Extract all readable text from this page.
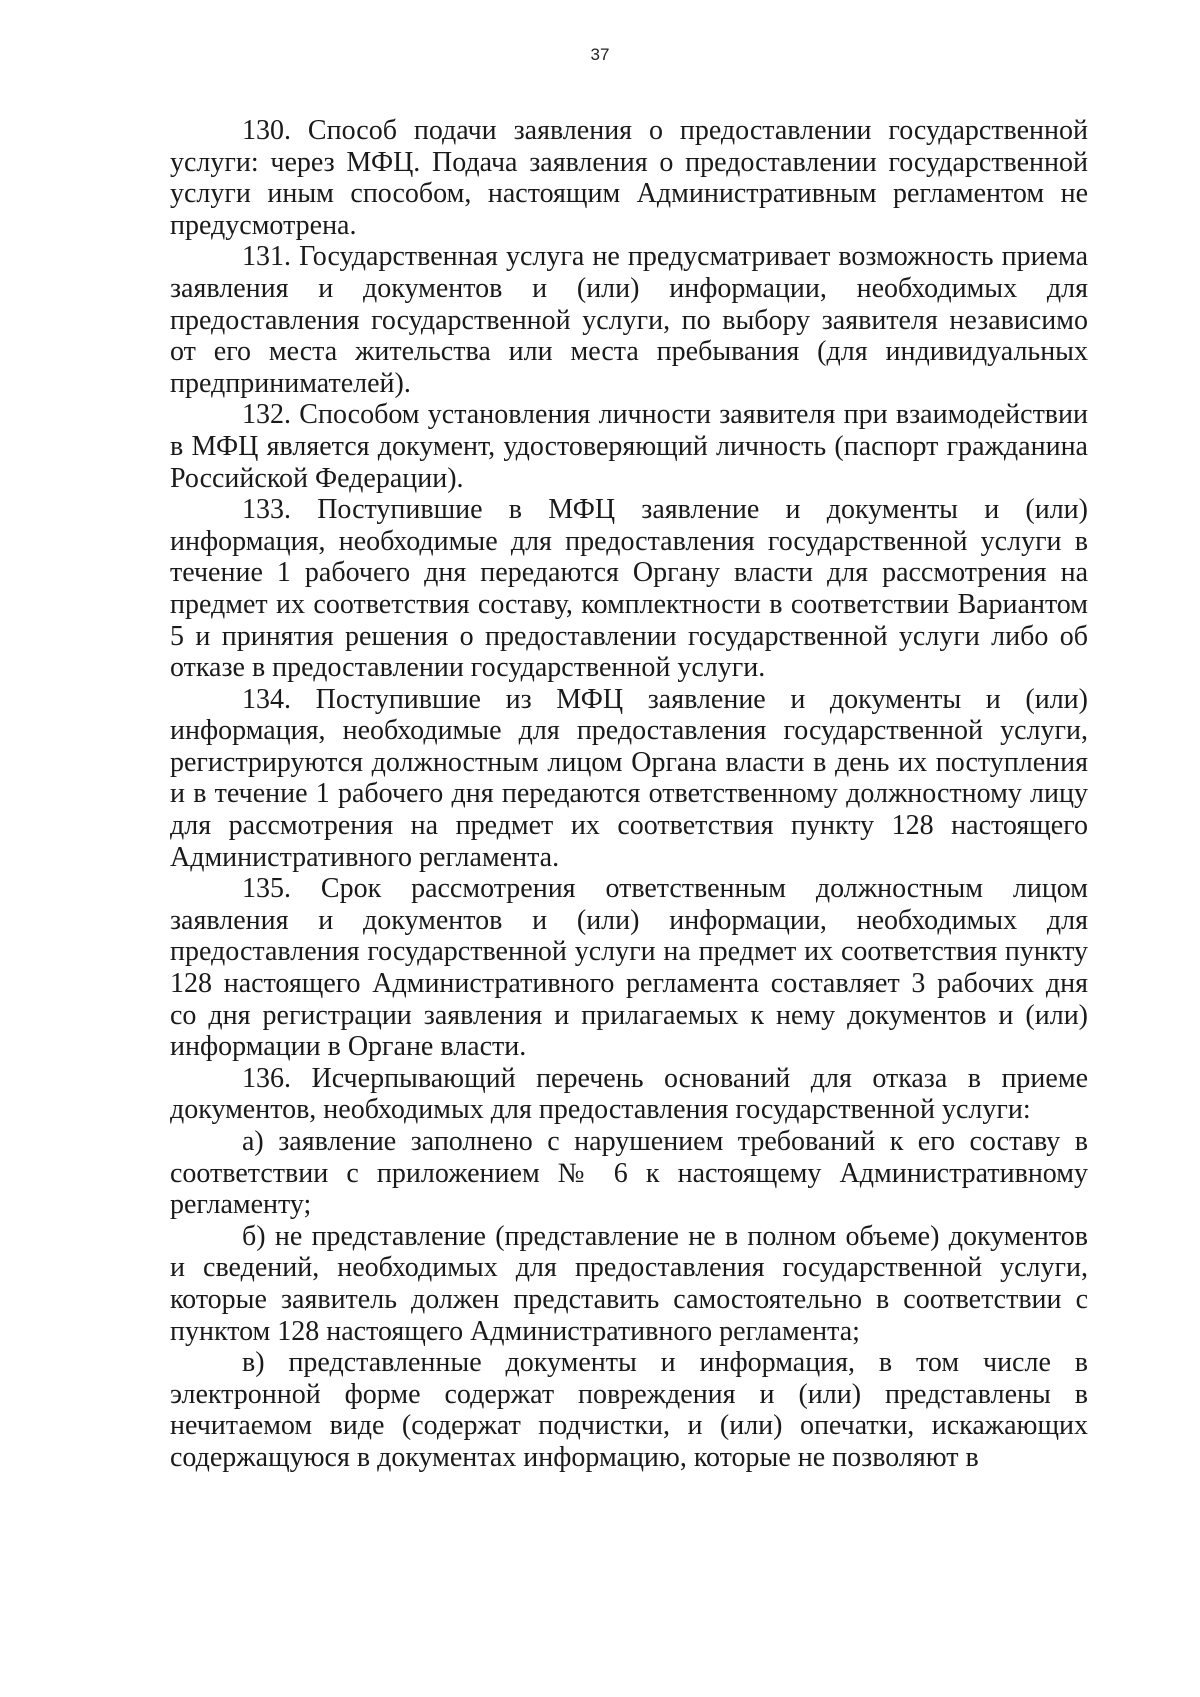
37

130. Способ подачи заявления о предоставлении государственной услуги: через МФЦ. Подача заявления о предоставлении государственной услуги иным способом, настоящим Административным регламентом не предусмотрена.

131. Государственная услуга не предусматривает возможность приема заявления и документов и (или) информации, необходимых для предоставления государственной услуги, по выбору заявителя независимо от его места жительства или места пребывания (для индивидуальных предпринимателей).

132. Способом установления личности заявителя при взаимодействии в МФЦ является документ, удостоверяющий личность (паспорт гражданина Российской Федерации).

133. Поступившие в МФЦ заявление и документы и (или) информация, необходимые для предоставления государственной услуги в течение 1 рабочего дня передаются Органу власти для рассмотрения на предмет их соответствия составу, комплектности в соответствии Вариантом 5 и принятия решения о предоставлении государственной услуги либо об отказе в предоставлении государственной услуги.

134. Поступившие из МФЦ заявление и документы и (или) информация, необходимые для предоставления государственной услуги, регистрируются должностным лицом Органа власти в день их поступления и в течение 1 рабочего дня передаются ответственному должностному лицу для рассмотрения на предмет их соответствия пункту 128 настоящего Административного регламента.

135. Срок рассмотрения ответственным должностным лицом заявления и документов и (или) информации, необходимых для предоставления государственной услуги на предмет их соответствия пункту 128 настоящего Административного регламента составляет 3 рабочих дня со дня регистрации заявления и прилагаемых к нему документов и (или) информации в Органе власти.

136. Исчерпывающий перечень оснований для отказа в приеме документов, необходимых для предоставления государственной услуги:

а) заявление заполнено с нарушением требований к его составу в соответствии с приложением № 6 к настоящему Административному регламенту;

б) не представление (представление не в полном объеме) документов и сведений, необходимых для предоставления государственной услуги, которые заявитель должен представить самостоятельно в соответствии с пунктом 128 настоящего Административного регламента;

в) представленные документы и информация, в том числе в электронной форме содержат повреждения и (или) представлены в нечитаемом виде (содержат подчистки, и (или) опечатки, искажающих содержащуюся в документах информацию, которые не позволяют в
